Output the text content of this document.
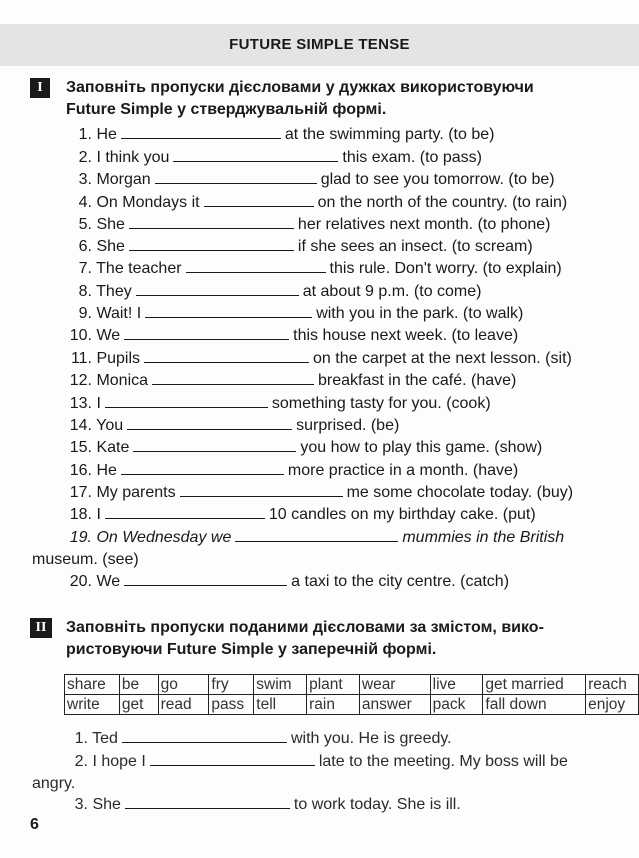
FUTURE SIMPLE TENSE
I	Заповніть пропуски дієсловами у дужках використовуючи
Future Simple у стверджувальній формі.
1. He	at the swimming party. (to be)
2. I think you	this exam. (to pass)
3. Morgan	glad to see you tomorrow. (to be)
4. On Mondays it	on the north of the country. (to rain)
5. She	her relatives next month. (to phone)
6. She	if she sees an insect. (to scream)
7. The teacher	this rule. Don't worry. (to explain)
8. They	at about 9 p.m. (to come)
9. Wait! I	with you in the park. (to walk)
10. We	this house next week. (to leave)
11. Pupils	on the carpet at the next lesson. (sit)
12. Monica	breakfast in the café. (have)
13. I	something tasty for you. (cook)
14. You	surprised. (be)
15. Kate	you how to play this game. (show)
16. He	more practice in a month. (have)
17. My parents	me some chocolate today. (buy)
18. I	10 candles on my birthday cake. (put)
19. On Wednesday we	mummies in the British
museum. (see)
20. We	a taxi to the city centre. (catch)
II	Заповніть пропуски поданими дієсловами за змістом, вико-
ристовуючи Future Simple у заперечній формі.
share	be	go	fry	swim	plant	wear	live	get married	reach
write	get	read	pass	tell	rain	answer	pack	fall down	enjoy
1. Ted	with you. He is greedy.
2. I hope I	late to the meeting. My boss will be
angry.
3. She	to work today. She is ill.
6
